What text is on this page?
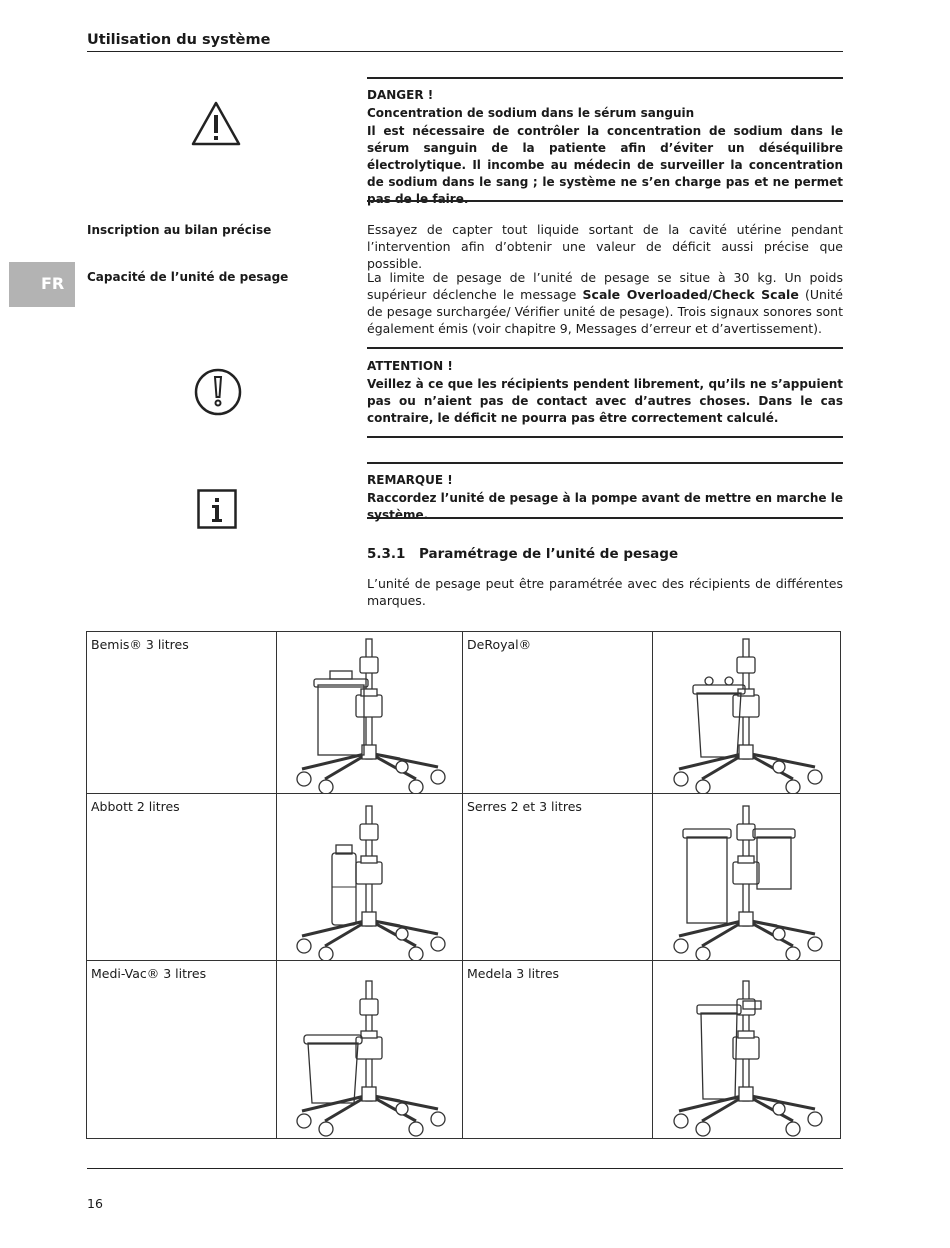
Utilisation du système
FR
DANGER !
Concentration de sodium dans le sérum sanguin
Il est nécessaire de contrôler la concentration de sodium dans le sérum sanguin de la patiente afin d’éviter un déséquilibre électrolytique. Il incombe au médecin de surveiller la concentration de sodium dans le sang ; le système ne s’en charge pas et ne permet pas de le faire.
Inscription au bilan précise	Essayez de capter tout liquide sortant de la cavité utérine pendant l’intervention afin d’obtenir une valeur de déficit aussi précise que possible.
Capacité de l’unité de pesage	La limite de pesage de l’unité de pesage se situe à 30 kg. Un poids supérieur déclenche le message Scale Overloaded/Check Scale (Unité de pesage surchargée/ Vérifier unité de pesage). Trois signaux sonores sont également émis (voir chapitre 9, Messages d’erreur et d’avertissement).
ATTENTION !
Veillez à ce que les récipients pendent librement, qu’ils ne s’appuient pas ou n’aient pas de contact avec d’autres choses. Dans le cas contraire, le déficit ne pourra pas être correctement calculé.
REMARQUE !
Raccordez l’unité de pesage à la pompe avant de mettre en marche le système.
5.3.1 Paramétrage de l’unité de pesage
L’unité de pesage peut être paramétrée avec des récipients de différentes marques.
Bemis® 3 litres		DeRoyal®	

Abbott 2 litres		Serres 2 et 3 litres	

Medi-Vac® 3 litres		Medela 3 litres	
16
